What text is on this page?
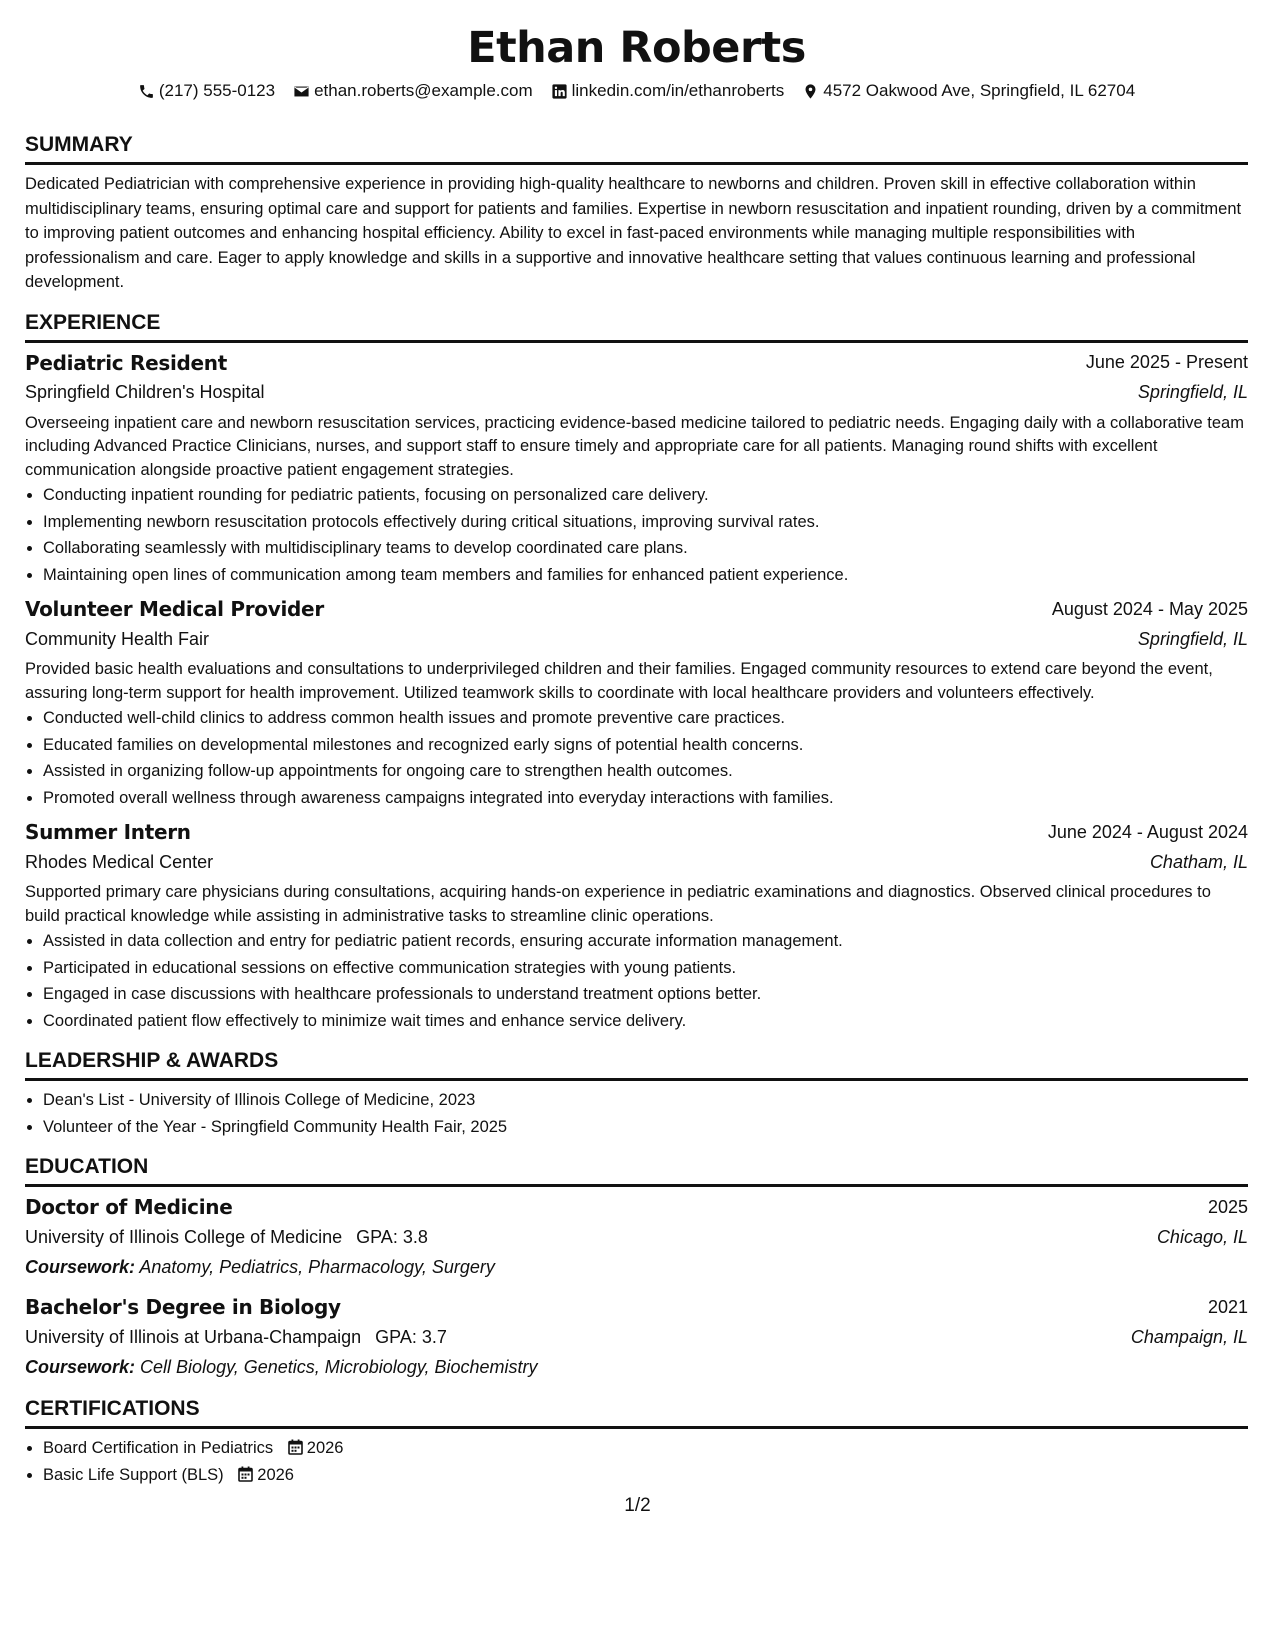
Ethan Roberts
(217) 555-0123 ethan.roberts@example.com linkedin.com/in/ethanroberts 4572 Oakwood Ave, Springfield, IL 62704
SUMMARY
Dedicated Pediatrician with comprehensive experience in providing high-quality healthcare to newborns and children. Proven skill in effective collaboration within multidisciplinary teams, ensuring optimal care and support for patients and families. Expertise in newborn resuscitation and inpatient rounding, driven by a commitment to improving patient outcomes and enhancing hospital efficiency. Ability to excel in fast-paced environments while managing multiple responsibilities with professionalism and care. Eager to apply knowledge and skills in a supportive and innovative healthcare setting that values continuous learning and professional development.
EXPERIENCE
Pediatric Resident	June 2025 - Present
Springfield Children's Hospital	Springfield, IL
Overseeing inpatient care and newborn resuscitation services, practicing evidence-based medicine tailored to pediatric needs. Engaging daily with a collaborative team including Advanced Practice Clinicians, nurses, and support staff to ensure timely and appropriate care for all patients. Managing round shifts with excellent communication alongside proactive patient engagement strategies.
• Conducting inpatient rounding for pediatric patients, focusing on personalized care delivery.
• Implementing newborn resuscitation protocols effectively during critical situations, improving survival rates.
• Collaborating seamlessly with multidisciplinary teams to develop coordinated care plans.
• Maintaining open lines of communication among team members and families for enhanced patient experience.
Volunteer Medical Provider	August 2024 - May 2025
Community Health Fair	Springfield, IL
Provided basic health evaluations and consultations to underprivileged children and their families. Engaged community resources to extend care beyond the event, assuring long-term support for health improvement. Utilized teamwork skills to coordinate with local healthcare providers and volunteers effectively.
• Conducted well-child clinics to address common health issues and promote preventive care practices.
• Educated families on developmental milestones and recognized early signs of potential health concerns.
• Assisted in organizing follow-up appointments for ongoing care to strengthen health outcomes.
• Promoted overall wellness through awareness campaigns integrated into everyday interactions with families.
Summer Intern	June 2024 - August 2024
Rhodes Medical Center	Chatham, IL
Supported primary care physicians during consultations, acquiring hands-on experience in pediatric examinations and diagnostics. Observed clinical procedures to build practical knowledge while assisting in administrative tasks to streamline clinic operations.
• Assisted in data collection and entry for pediatric patient records, ensuring accurate information management.
• Participated in educational sessions on effective communication strategies with young patients.
• Engaged in case discussions with healthcare professionals to understand treatment options better.
• Coordinated patient flow effectively to minimize wait times and enhance service delivery.
LEADERSHIP & AWARDS
• Dean's List - University of Illinois College of Medicine, 2023
• Volunteer of the Year - Springfield Community Health Fair, 2025
EDUCATION
Doctor of Medicine	2025
University of Illinois College of Medicine GPA: 3.8	Chicago, IL
Coursework: Anatomy, Pediatrics, Pharmacology, Surgery
Bachelor's Degree in Biology	2021
University of Illinois at Urbana-Champaign GPA: 3.7	Champaign, IL
Coursework: Cell Biology, Genetics, Microbiology, Biochemistry
CERTIFICATIONS
• Board Certification in Pediatrics 2026
• Basic Life Support (BLS) 2026
1/2
